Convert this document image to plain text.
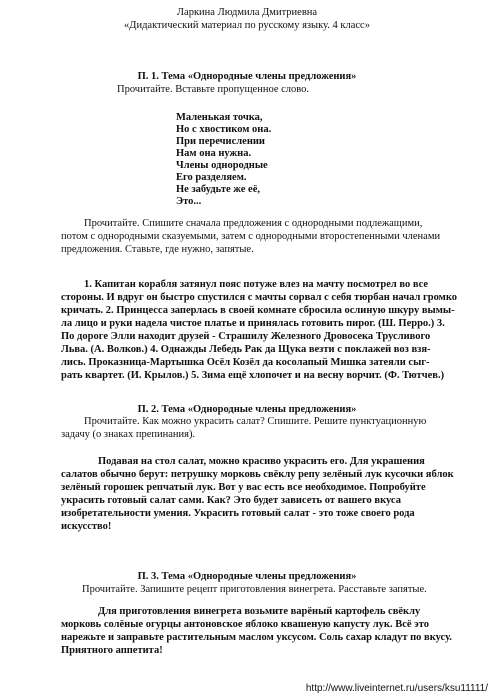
Ларкина Людмила Дмитриевна
«Дидактический материал по русскому языку. 4 класс»
П. 1. Тема «Однородные члены предложения»
Прочитайте. Вставьте пропущенное слово.
Маленькая точка,
Но с хвостиком она.
При перечислении
Нам она нужна.
Члены однородные
Его разделяем.
Не забудьте же её,
Это...
Прочитайте. Спишите сначала предложения с однородными подлежащими,
потом с однородными сказуемыми, затем с однородными второстепенными членами
предложения. Ставьте, где нужно, запятые.
1. Капитан корабля затянул пояс потуже влез на мачту посмотрел во все
стороны. И вдруг он быстро спустился с мачты сорвал с себя тюрбан начал громко
кричать. 2. Принцесса заперлась в своей комнате сбросила ослиную шкуру вымы-
ла лицо и руки надела чистое платье и принялась готовить пирог. (Ш. Перро.) 3.
По дороге Элли находит друзей - Страшилу Железного Дровосека Трусливого
Льва. (А. Волков.) 4. Однажды Лебедь Рак да Щука везти с поклажей воз взя-
лись. Проказница-Мартышка Осёл Козёл да косолапый Мишка затеяли сыг-
рать квартет. (И. Крылов.) 5. Зима ещё хлопочет и на весну ворчит. (Ф. Тютчев.)
П. 2. Тема «Однородные члены предложения»
Прочитайте. Как можно украсить салат? Спишите. Решите пунктуационную
задачу (о знаках препинания).
Подавая на стол салат, можно красиво украсить его. Для украшения
салатов обычно берут: петрушку морковь свёклу репу зелёный лук кусочки яблок
зелёный горошек репчатый лук. Вот у вас есть все необходимое. Попробуйте
украсить готовый салат сами. Как? Это будет зависеть от вашего вкуса
изобретательности умения. Украсить готовый салат - это тоже своего рода
искусство!
П. 3. Тема «Однородные члены предложения»
Прочитайте. Запишите рецепт приготовления винегрета. Расставьте запятые.
Для приготовления винегрета возьмите варёный картофель свёклу
морковь солёные огурцы антоновское яблоко квашеную капусту лук. Всё это
нарежьте и заправьте растительным маслом уксусом. Соль сахар кладут по вкусу.
Приятного аппетита!
http://www.liveinternet.ru/users/ksu11111/
